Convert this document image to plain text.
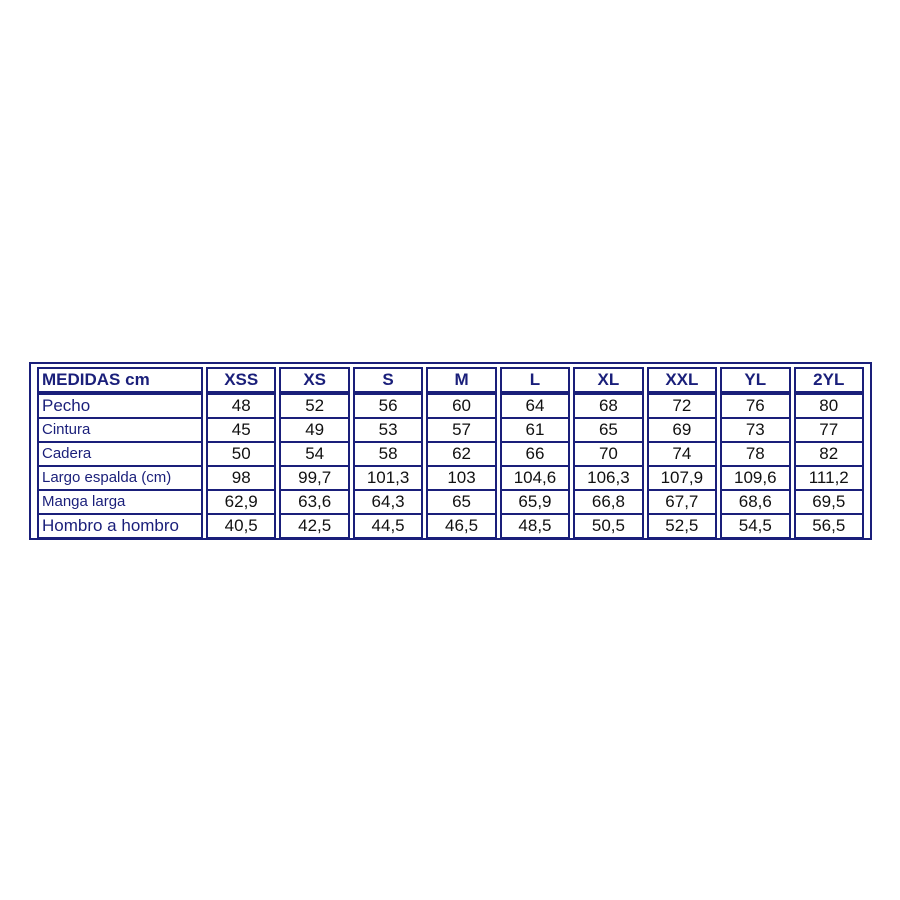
MEDIDAS cm	XSS	XS	S	M	L	XL	XXL	YL	2YL
Pecho	48	52	56	60	64	68	72	76	80
Cintura	45	49	53	57	61	65	69	73	77
Cadera	50	54	58	62	66	70	74	78	82
Largo espalda (cm)	98	99,7	101,3	103	104,6	106,3	107,9	109,6	111,2
Manga larga	62,9	63,6	64,3	65	65,9	66,8	67,7	68,6	69,5
Hombro a hombro	40,5	42,5	44,5	46,5	48,5	50,5	52,5	54,5	56,5
